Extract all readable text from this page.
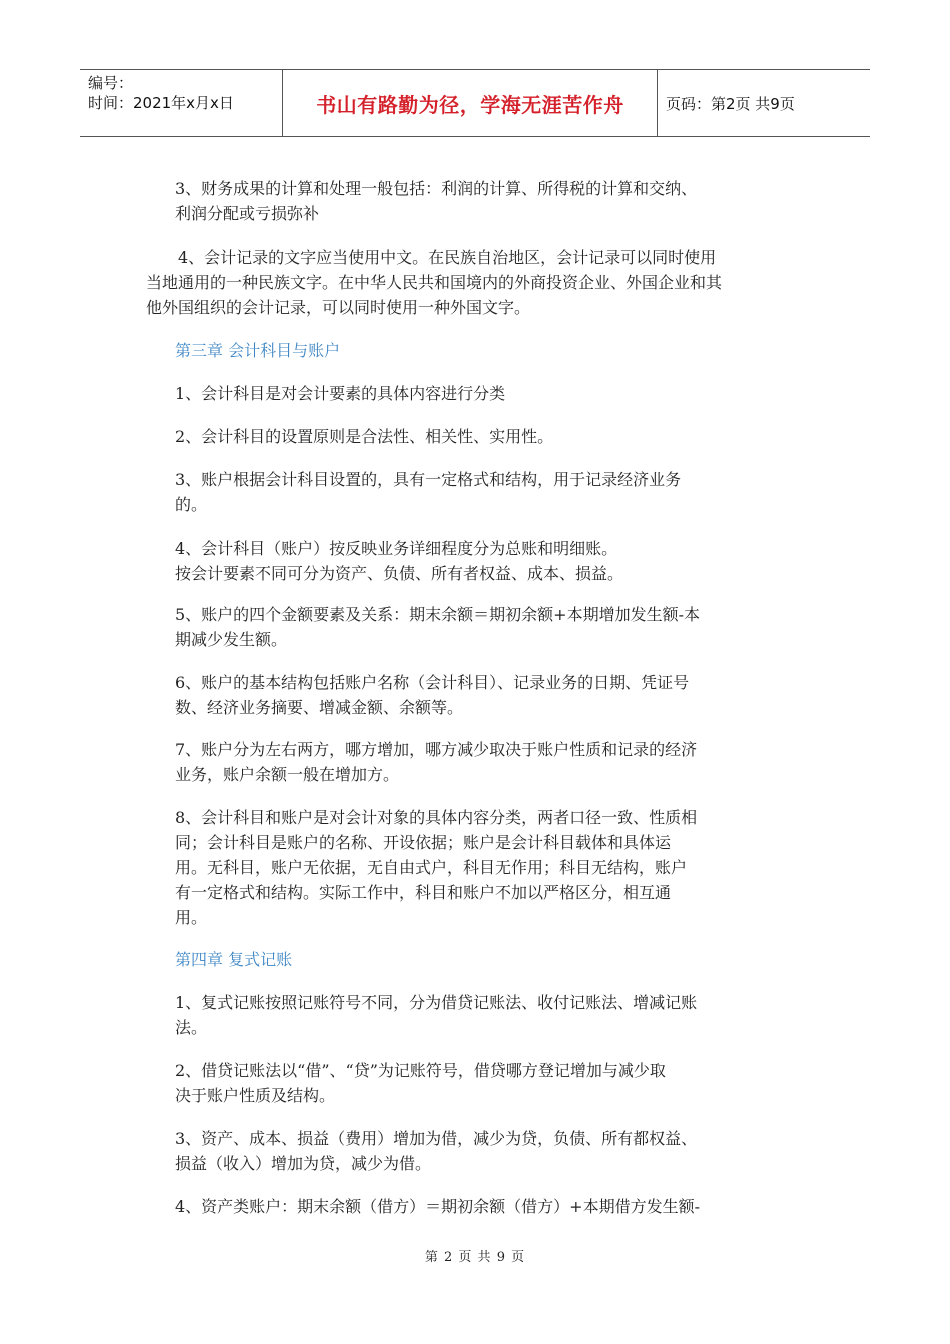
编号：
时间：2021年x月x日	书山有路勤为径，学海无涯苦作舟	页码：第2页 共9页
3、财务成果的计算和处理一般包括：利润的计算、所得税的计算和交纳、
利润分配或亏损弥补
4、会计记录的文字应当使用中文。在民族自治地区，会计记录可以同时使用
当地通用的一种民族文字。在中华人民共和国境内的外商投资企业、外国企业和其
他外国组织的会计记录，可以同时使用一种外国文字。
第三章 会计科目与账户
1、会计科目是对会计要素的具体内容进行分类
2、会计科目的设置原则是合法性、相关性、实用性。
3、账户根据会计科目设置的，具有一定格式和结构，用于记录经济业务
的。
4、会计科目（账户）按反映业务详细程度分为总账和明细账。
按会计要素不同可分为资产、负债、所有者权益、成本、损益。
5、账户的四个金额要素及关系：期末余额＝期初余额+本期增加发生额-本
期减少发生额。
6、账户的基本结构包括账户名称（会计科目）、记录业务的日期、凭证号
数、经济业务摘要、增减金额、余额等。
7、账户分为左右两方，哪方增加，哪方减少取决于账户性质和记录的经济
业务，账户余额一般在增加方。
8、会计科目和账户是对会计对象的具体内容分类，两者口径一致、性质相
同；会计科目是账户的名称、开设依据；账户是会计科目载体和具体运
用。无科目，账户无依据，无自由式户，科目无作用；科目无结构，账户
有一定格式和结构。实际工作中，科目和账户不加以严格区分，相互通
用。
第四章 复式记账
1、复式记账按照记账符号不同，分为借贷记账法、收付记账法、增减记账
法。
2、借贷记账法以“借”、“贷”为记账符号，借贷哪方登记增加与减少取
决于账户性质及结构。
3、资产、成本、损益（费用）增加为借，减少为贷，负债、所有都权益、
损益（收入）增加为贷，减少为借。
4、资产类账户：期末余额（借方）＝期初余额（借方）+本期借方发生额-
第 2 页 共 9 页
